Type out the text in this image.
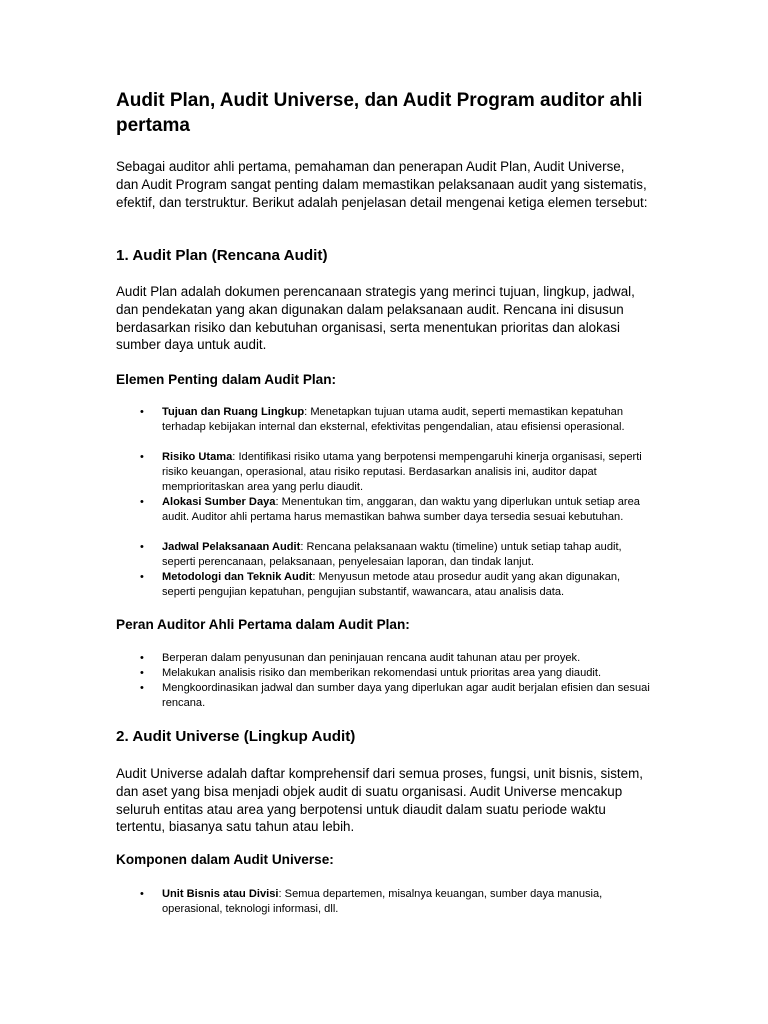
Audit Plan, Audit Universe, dan Audit Program auditor ahli pertama

Sebagai auditor ahli pertama, pemahaman dan penerapan Audit Plan, Audit Universe, dan Audit Program sangat penting dalam memastikan pelaksanaan audit yang sistematis, efektif, dan terstruktur. Berikut adalah penjelasan detail mengenai ketiga elemen tersebut:

1. Audit Plan (Rencana Audit)

Audit Plan adalah dokumen perencanaan strategis yang merinci tujuan, lingkup, jadwal, dan pendekatan yang akan digunakan dalam pelaksanaan audit. Rencana ini disusun berdasarkan risiko dan kebutuhan organisasi, serta menentukan prioritas dan alokasi sumber daya untuk audit.

Elemen Penting dalam Audit Plan:
•	Tujuan dan Ruang Lingkup: Menetapkan tujuan utama audit, seperti memastikan kepatuhan terhadap kebijakan internal dan eksternal, efektivitas pengendalian, atau efisiensi operasional.
•	Risiko Utama: Identifikasi risiko utama yang berpotensi mempengaruhi kinerja organisasi, seperti risiko keuangan, operasional, atau risiko reputasi. Berdasarkan analisis ini, auditor dapat memprioritaskan area yang perlu diaudit.
•	Alokasi Sumber Daya: Menentukan tim, anggaran, dan waktu yang diperlukan untuk setiap area audit. Auditor ahli pertama harus memastikan bahwa sumber daya tersedia sesuai kebutuhan.
•	Jadwal Pelaksanaan Audit: Rencana pelaksanaan waktu (timeline) untuk setiap tahap audit, seperti perencanaan, pelaksanaan, penyelesaian laporan, dan tindak lanjut.
•	Metodologi dan Teknik Audit: Menyusun metode atau prosedur audit yang akan digunakan, seperti pengujian kepatuhan, pengujian substantif, wawancara, atau analisis data.
Peran Auditor Ahli Pertama dalam Audit Plan:
•	Berperan dalam penyusunan dan peninjauan rencana audit tahunan atau per proyek.
•	Melakukan analisis risiko dan memberikan rekomendasi untuk prioritas area yang diaudit.
•	Mengkoordinasikan jadwal dan sumber daya yang diperlukan agar audit berjalan efisien dan sesuai rencana.
2. Audit Universe (Lingkup Audit)

Audit Universe adalah daftar komprehensif dari semua proses, fungsi, unit bisnis, sistem, dan aset yang bisa menjadi objek audit di suatu organisasi. Audit Universe mencakup seluruh entitas atau area yang berpotensi untuk diaudit dalam suatu periode waktu tertentu, biasanya satu tahun atau lebih.

Komponen dalam Audit Universe:
•	Unit Bisnis atau Divisi: Semua departemen, misalnya keuangan, sumber daya manusia, operasional, teknologi informasi, dll.
